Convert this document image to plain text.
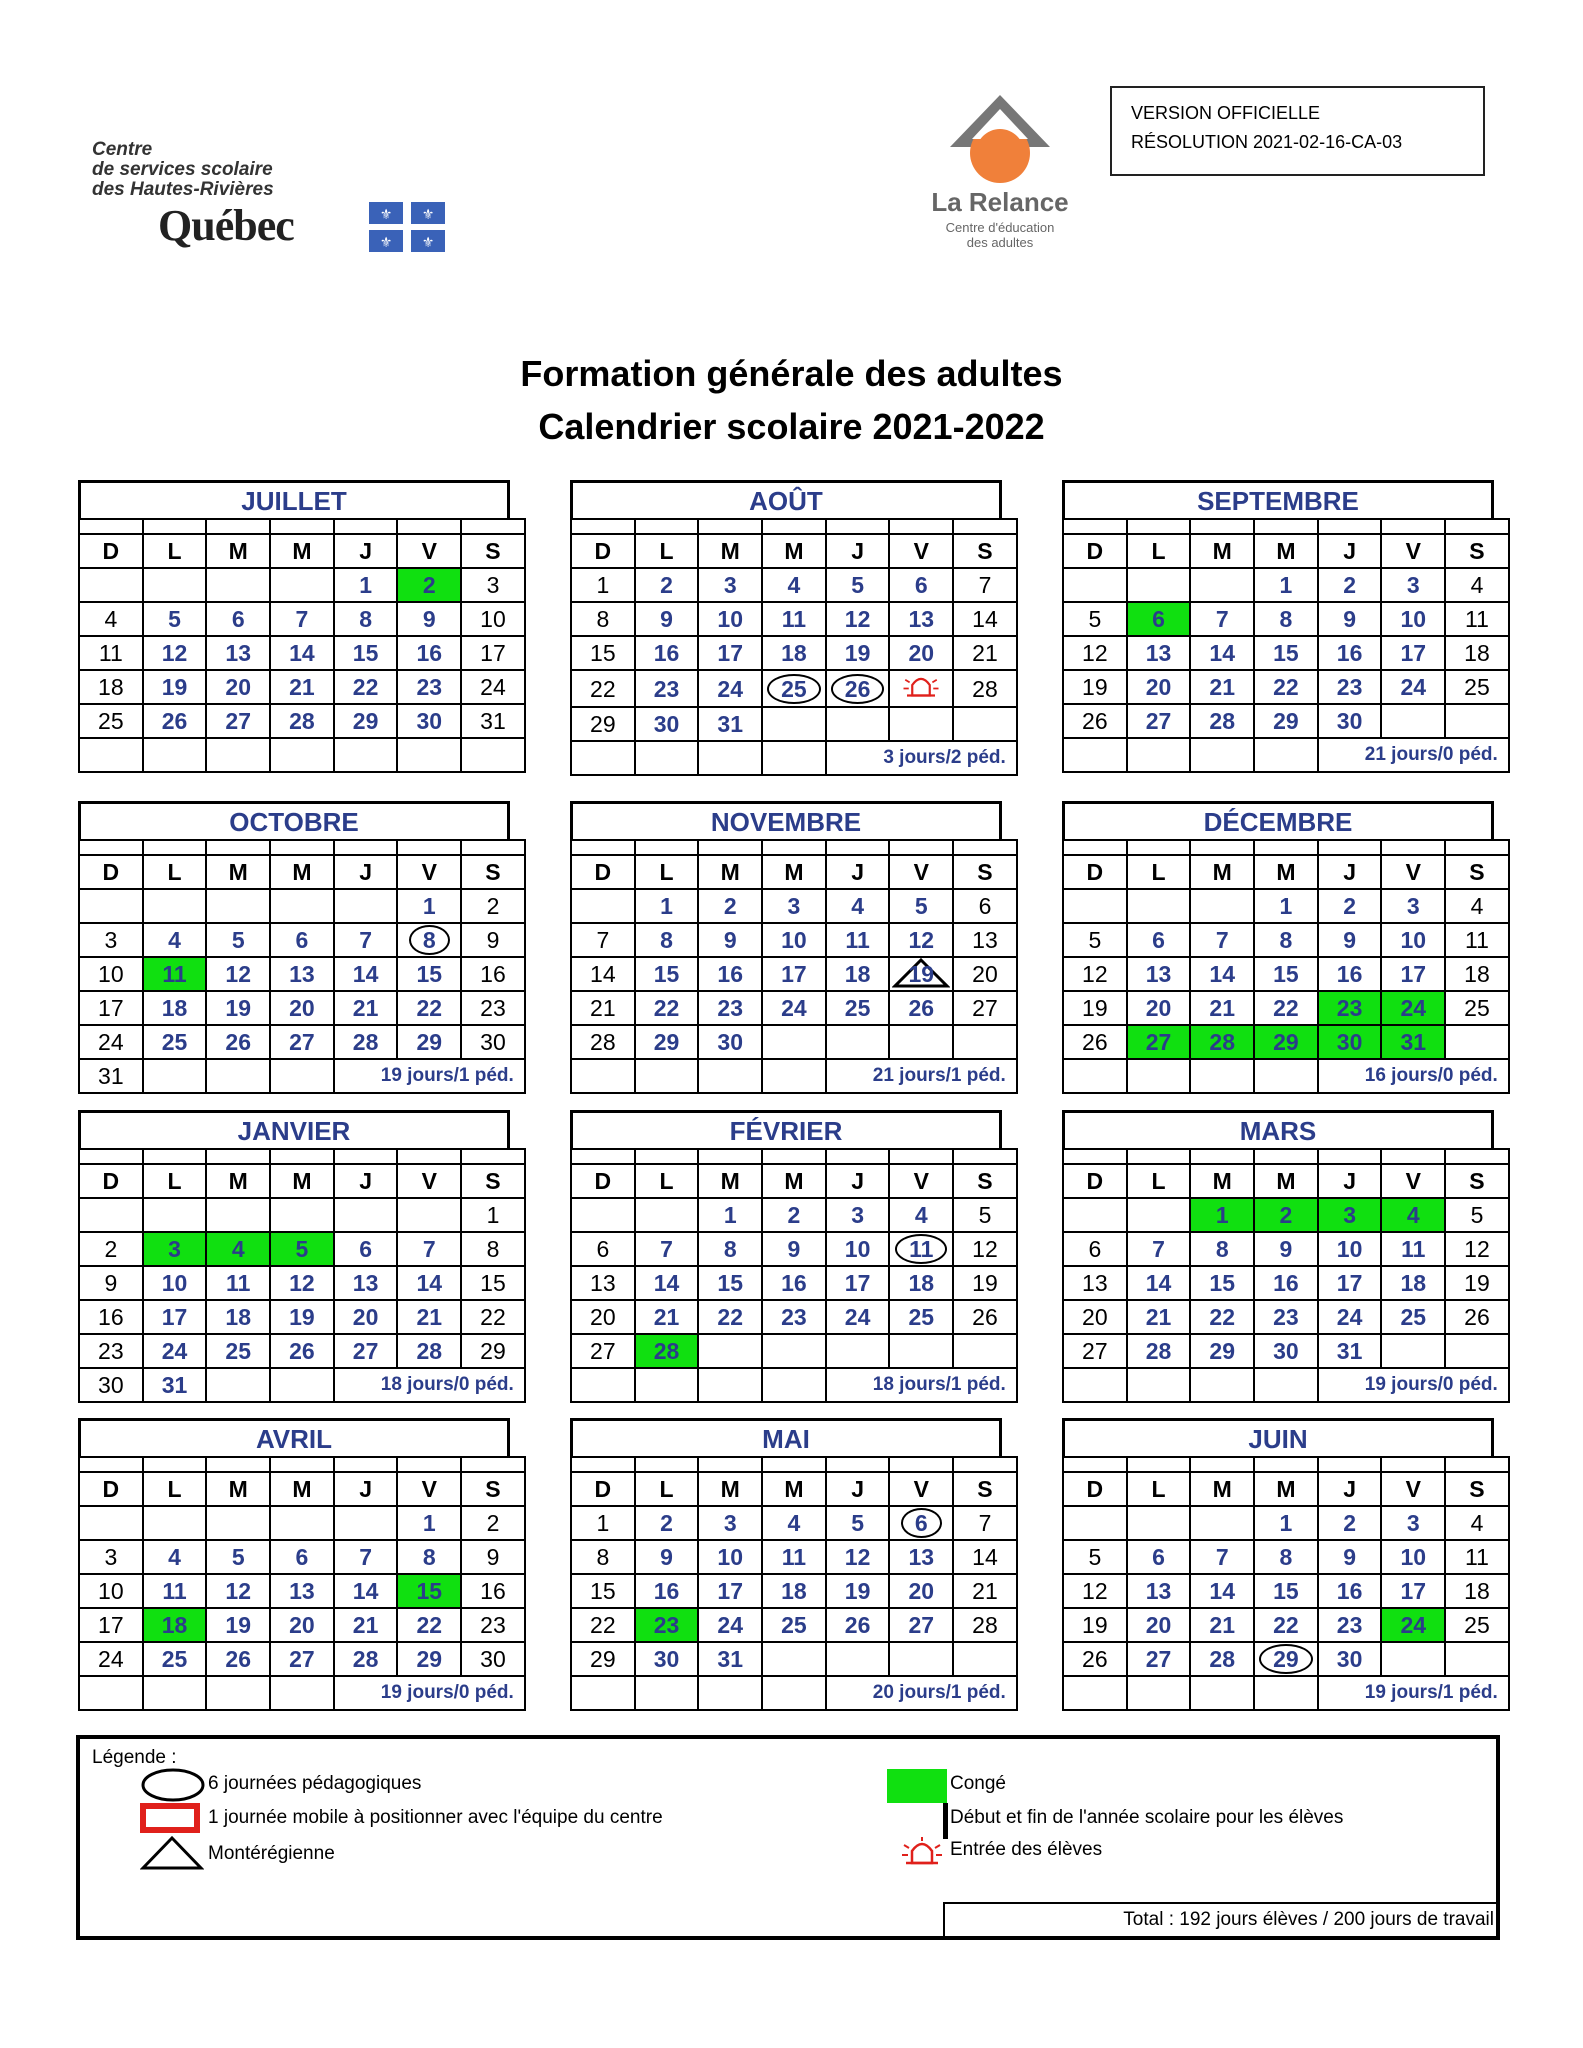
Centre

de services scolaire

des Hautes-Rivières

Québec	⚜ ⚜
⚜ ⚜
La Relance
Centre d'éducation
des adultes
VERSION OFFICIELLE
RÉSOLUTION 2021-02-16-CA-03
Formation générale des adultes
Calendrier scolaire 2021-2022
JUILLET

D	L	M	M	J	V	S
				1	2	3
4	5	6	7	8	9	10
11	12	13	14	15	16	17
18	19	20	21	22	23	24
25	26	27	28	29	30	31

AOÛT

D	L	M	M	J	V	S
1	2	3	4	5	6	7
8	9	10	11	12	13	14
15	16	17	18	19	20	21
22	23	24	25	26		28
29	30	31				
				3 jours/2 péd.		
SEPTEMBRE

D	L	M	M	J	V	S
			1	2	3	4
5	6	7	8	9	10	11
12	13	14	15	16	17	18
19	20	21	22	23	24	25
26	27	28	29	30		
				21 jours/0 péd.		
OCTOBRE

D	L	M	M	J	V	S
					1	2
3	4	5	6	7	8	9
10	11	12	13	14	15	16
17	18	19	20	21	22	23
24	25	26	27	28	29	30
31				19 jours/1 péd.		
NOVEMBRE

D	L	M	M	J	V	S
	1	2	3	4	5	6
7	8	9	10	11	12	13
14	15	16	17	18	19	20
21	22	23	24	25	26	27
28	29	30				
				21 jours/1 péd.		
DÉCEMBRE

D	L	M	M	J	V	S
			1	2	3	4
5	6	7	8	9	10	11
12	13	14	15	16	17	18
19	20	21	22	23	24	25
26	27	28	29	30	31	
				16 jours/0 péd.		
JANVIER

D	L	M	M	J	V	S
						1
2	3	4	5	6	7	8
9	10	11	12	13	14	15
16	17	18	19	20	21	22
23	24	25	26	27	28	29
30	31			18 jours/0 péd.		
FÉVRIER

D	L	M	M	J	V	S
		1	2	3	4	5
6	7	8	9	10	11	12
13	14	15	16	17	18	19
20	21	22	23	24	25	26
27	28					
				18 jours/1 péd.		
MARS

D	L	M	M	J	V	S
		1	2	3	4	5
6	7	8	9	10	11	12
13	14	15	16	17	18	19
20	21	22	23	24	25	26
27	28	29	30	31		
				19 jours/0 péd.		
AVRIL

D	L	M	M	J	V	S
					1	2
3	4	5	6	7	8	9
10	11	12	13	14	15	16
17	18	19	20	21	22	23
24	25	26	27	28	29	30
				19 jours/0 péd.		
MAI

D	L	M	M	J	V	S
1	2	3	4	5	6	7
8	9	10	11	12	13	14
15	16	17	18	19	20	21
22	23	24	25	26	27	28
29	30	31				
				20 jours/1 péd.		
JUIN

D	L	M	M	J	V	S
			1	2	3	4
5	6	7	8	9	10	11
12	13	14	15	16	17	18
19	20	21	22	23	24	25
26	27	28	29	30		
				19 jours/1 péd.		
Légende :
6 journées pédagogiques
1 journée mobile à positionner avec l'équipe du centre
Montérégienne
Congé
Début et fin de l'année scolaire pour les élèves
Entrée des élèves
Total : 192 jours élèves / 200 jours de travail
